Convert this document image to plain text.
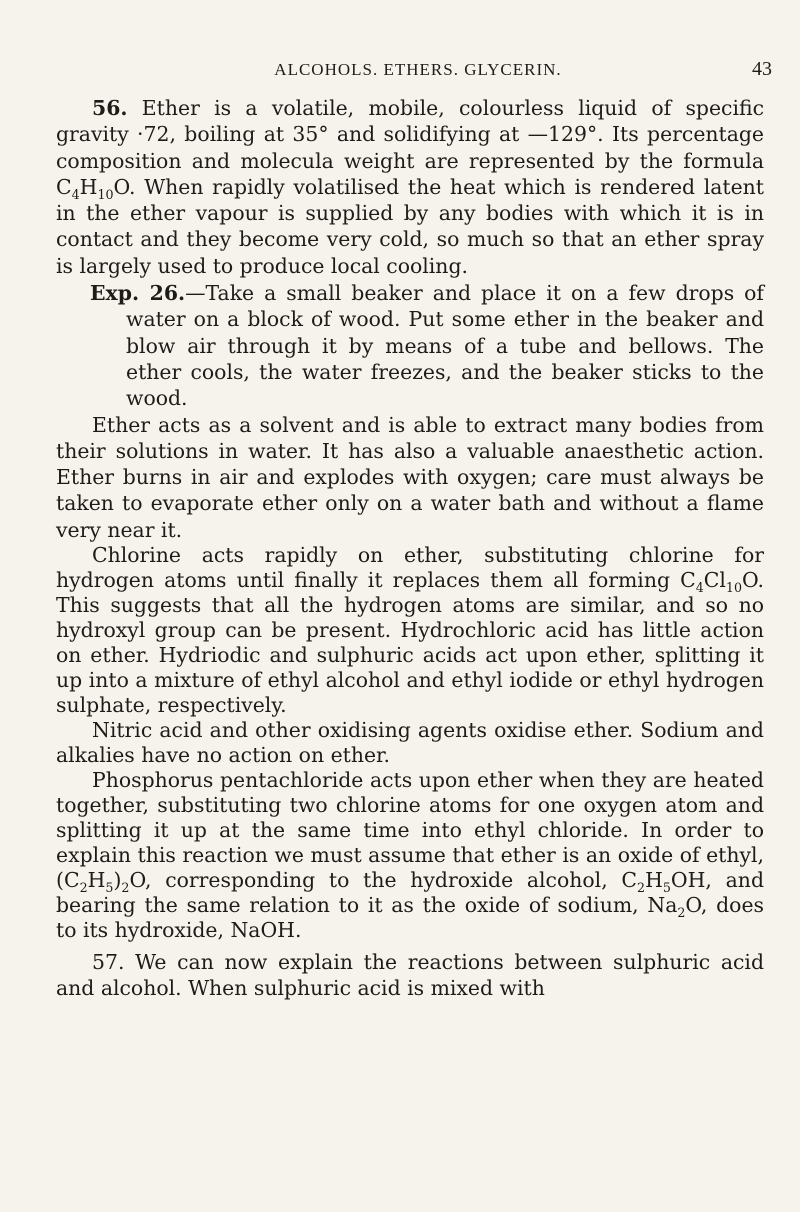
ALCOHOLS. ETHERS. GLYCERIN.	43

56. Ether is a volatile, mobile, colourless liquid of specific gravity ·72, boiling at 35° and solidifying at —129°. Its percentage composition and molecula weight are represented by the formula $C_4H_{10}O$. When rapidly volatilised the heat which is rendered latent in the ether vapour is supplied by any bodies with which it is in contact and they become very cold, so much so that an ether spray is largely used to produce local cooling.

Exp. 26.—Take a small beaker and place it on a few drops of water on a block of wood. Put some ether in the beaker and blow air through it by means of a tube and bellows. The ether cools, the water freezes, and the beaker sticks to the wood.

Ether acts as a solvent and is able to extract many bodies from their solutions in water. It has also a valuable anaesthetic action. Ether burns in air and explodes with oxygen; care must always be taken to evaporate ether only on a water bath and without a flame very near it.

Chlorine acts rapidly on ether, substituting chlorine for hydrogen atoms until finally it replaces them all forming $C_4Cl_{10}O$. This suggests that all the hydrogen atoms are similar, and so no hydroxyl group can be present. Hydrochloric acid has little action on ether. Hydriodic and sulphuric acids act upon ether, splitting it up into a mixture of ethyl alcohol and ethyl iodide or ethyl hydrogen sulphate, respectively.

Nitric acid and other oxidising agents oxidise ether. Sodium and alkalies have no action on ether.

Phosphorus pentachloride acts upon ether when they are heated together, substituting two chlorine atoms for one oxygen atom and splitting it up at the same time into ethyl chloride. In order to explain this reaction we must assume that ether is an oxide of ethyl, $(C_2H_5)_2O$, corresponding to the hydroxide alcohol, $C_2H_5OH$, and bearing the same relation to it as the oxide of sodium, $Na_2O$, does to its hydroxide, NaOH.

57. We can now explain the reactions between sulphuric acid and alcohol. When sulphuric acid is mixed with
